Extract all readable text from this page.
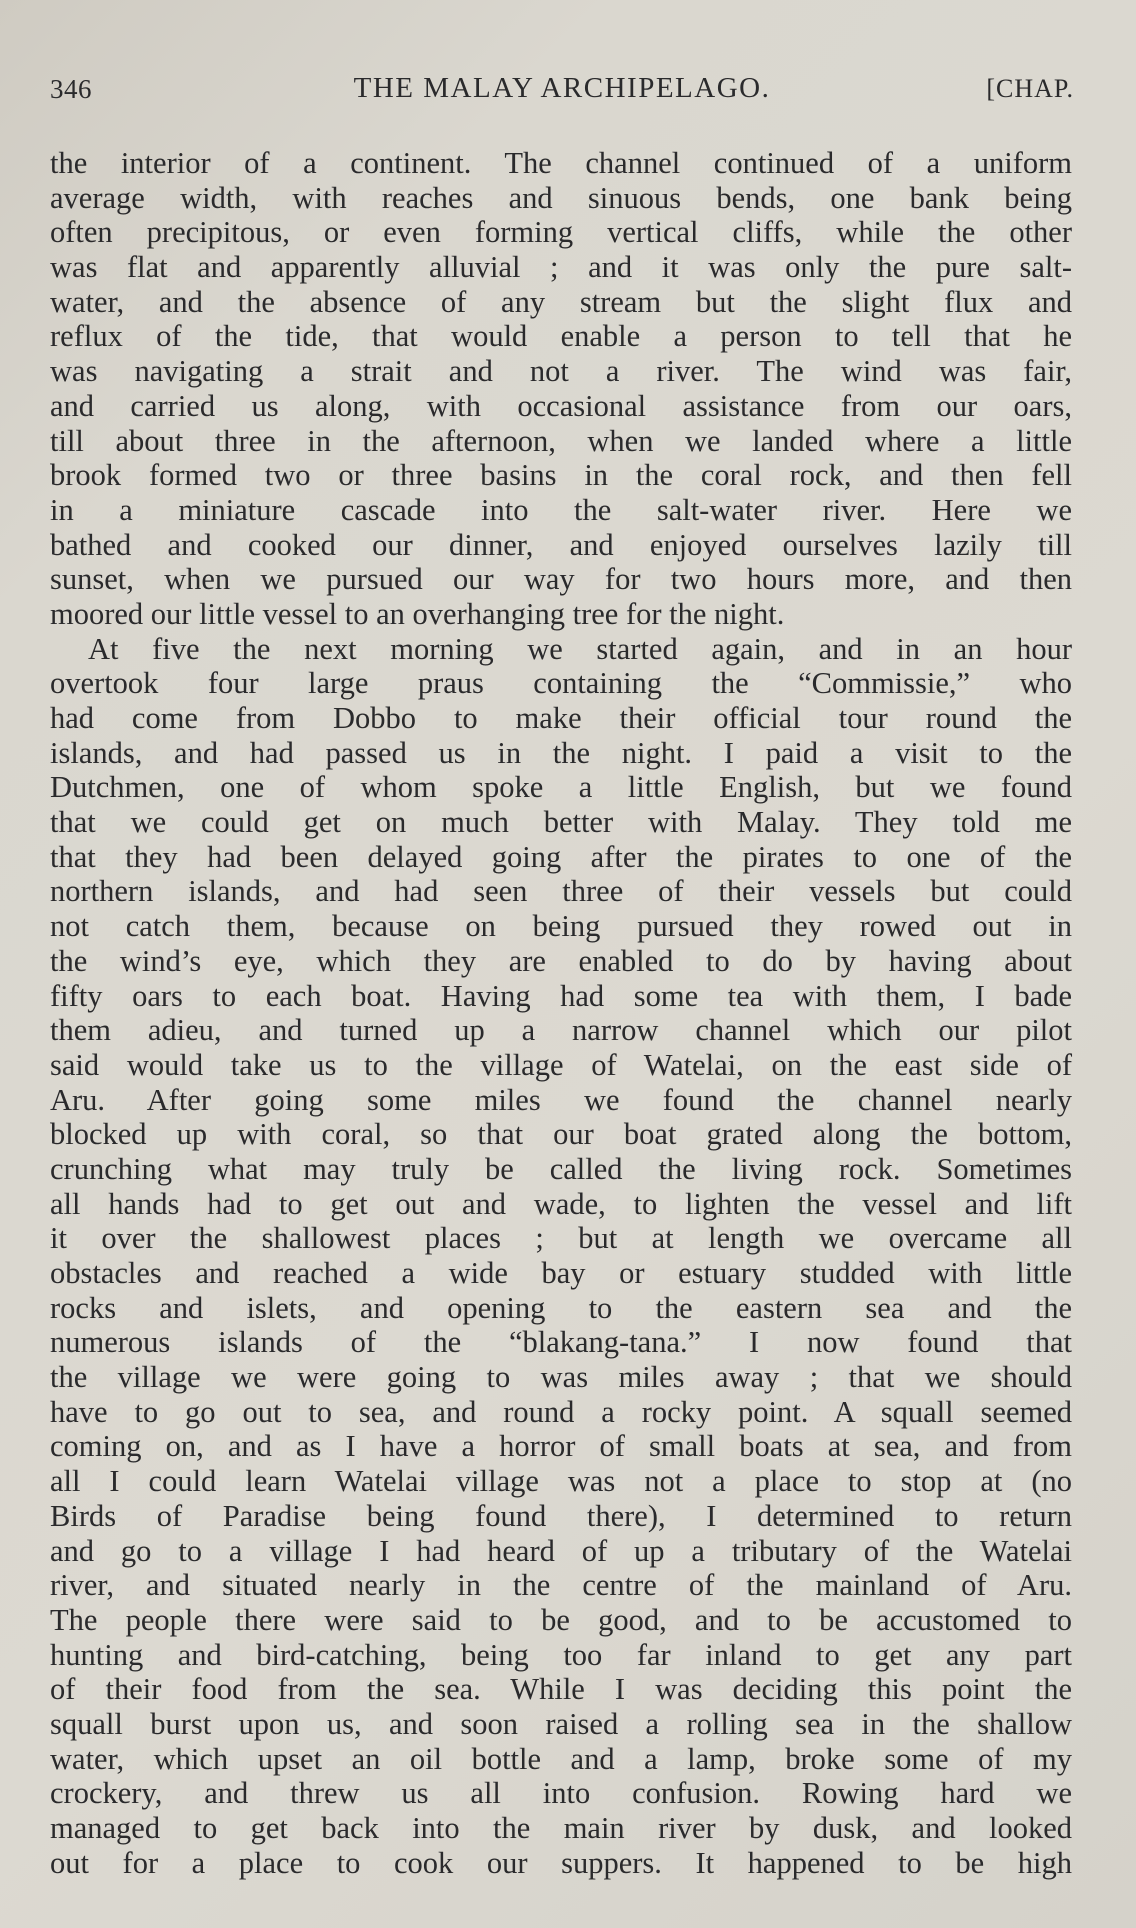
346	THE MALAY ARCHIPELAGO.	[CHAP.
the interior of a continent. The channel continued of a uniform
average width, with reaches and sinuous bends, one bank being
often precipitous, or even forming vertical cliffs, while the other
was flat and apparently alluvial ; and it was only the pure salt-
water, and the absence of any stream but the slight flux and
reflux of the tide, that would enable a person to tell that he
was navigating a strait and not a river. The wind was fair,
and carried us along, with occasional assistance from our oars,
till about three in the afternoon, when we landed where a little
brook formed two or three basins in the coral rock, and then fell
in a miniature cascade into the salt-water river. Here we
bathed and cooked our dinner, and enjoyed ourselves lazily till
sunset, when we pursued our way for two hours more, and then
moored our little vessel to an overhanging tree for the night.
At five the next morning we started again, and in an hour
overtook four large praus containing the “Commissie,” who
had come from Dobbo to make their official tour round the
islands, and had passed us in the night. I paid a visit to the
Dutchmen, one of whom spoke a little English, but we found
that we could get on much better with Malay. They told me
that they had been delayed going after the pirates to one of the
northern islands, and had seen three of their vessels but could
not catch them, because on being pursued they rowed out in
the wind’s eye, which they are enabled to do by having about
fifty oars to each boat. Having had some tea with them, I bade
them adieu, and turned up a narrow channel which our pilot
said would take us to the village of Watelai, on the east side of
Aru. After going some miles we found the channel nearly
blocked up with coral, so that our boat grated along the bottom,
crunching what may truly be called the living rock. Sometimes
all hands had to get out and wade, to lighten the vessel and lift
it over the shallowest places ; but at length we overcame all
obstacles and reached a wide bay or estuary studded with little
rocks and islets, and opening to the eastern sea and the
numerous islands of the “blakang-tana.” I now found that
the village we were going to was miles away ; that we should
have to go out to sea, and round a rocky point. A squall seemed
coming on, and as I have a horror of small boats at sea, and from
all I could learn Watelai village was not a place to stop at (no
Birds of Paradise being found there), I determined to return
and go to a village I had heard of up a tributary of the Watelai
river, and situated nearly in the centre of the mainland of Aru.
The people there were said to be good, and to be accustomed to
hunting and bird-catching, being too far inland to get any part
of their food from the sea. While I was deciding this point the
squall burst upon us, and soon raised a rolling sea in the shallow
water, which upset an oil bottle and a lamp, broke some of my
crockery, and threw us all into confusion. Rowing hard we
managed to get back into the main river by dusk, and looked
out for a place to cook our suppers. It happened to be high
